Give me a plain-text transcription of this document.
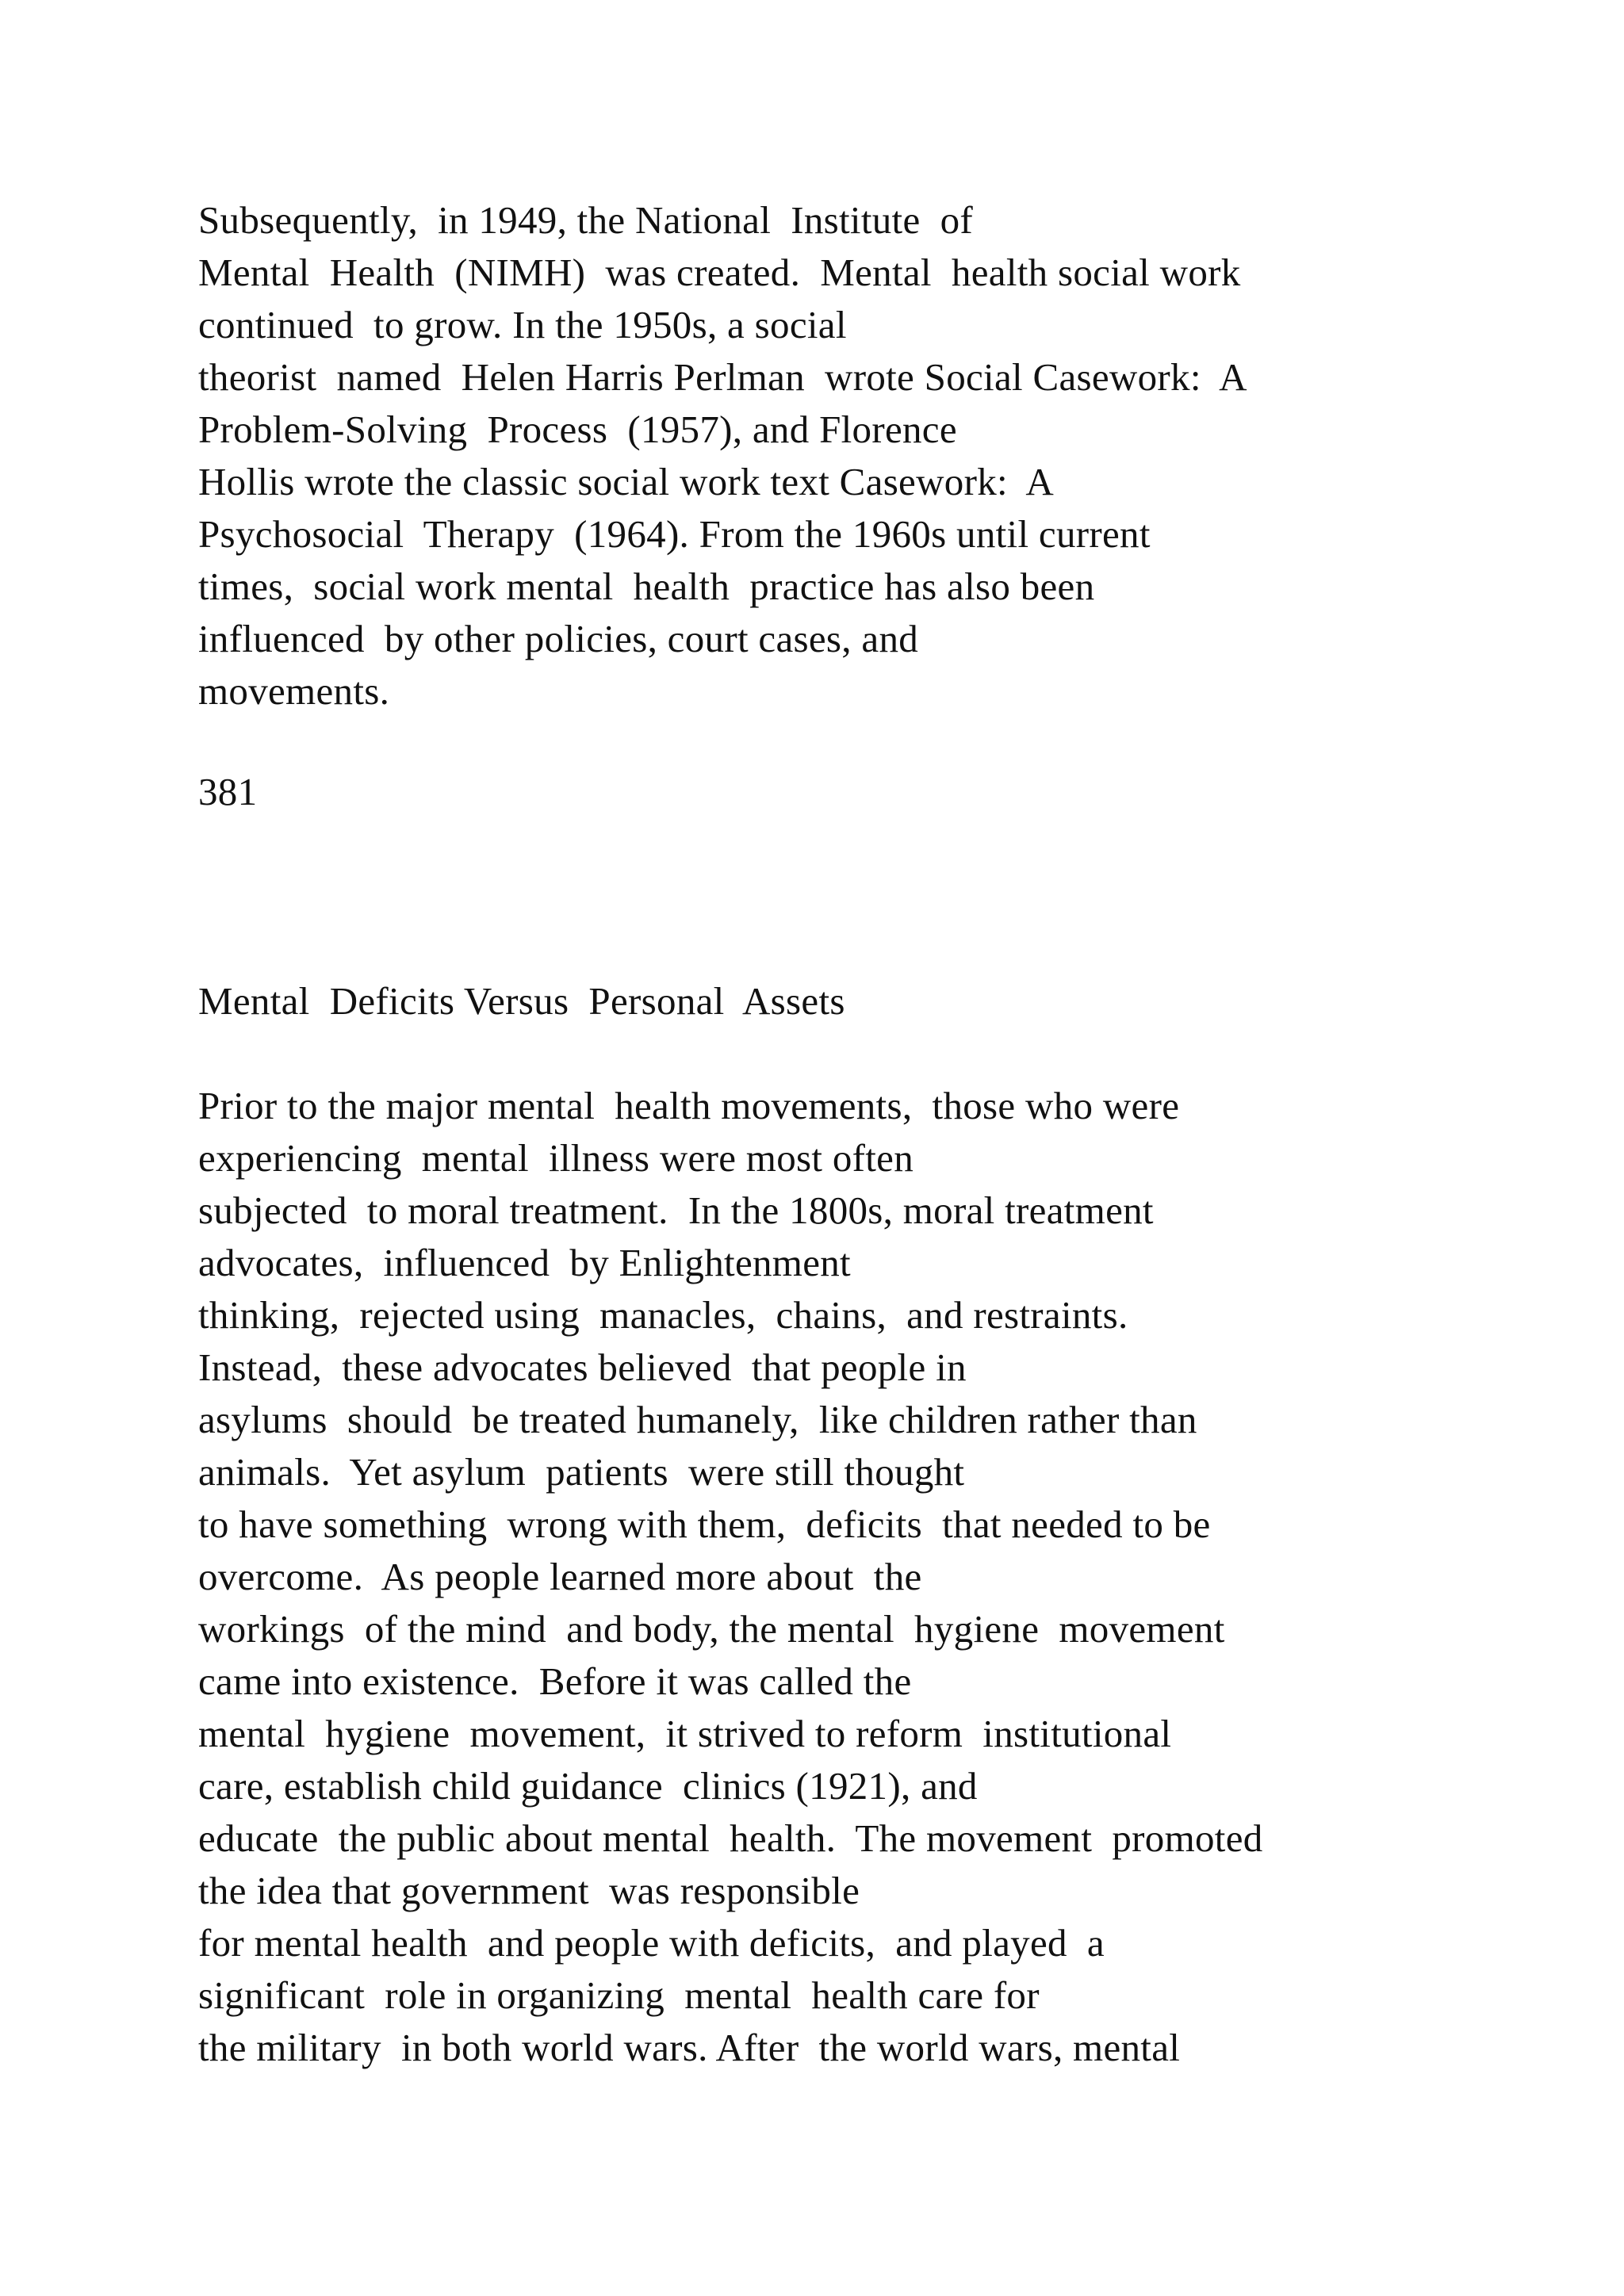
Subsequently,  in 1949, the National  Institute  of
Mental  Health  (NIMH)  was created.  Mental  health social work
continued  to grow. In the 1950s, a social
theorist  named  Helen Harris Perlman  wrote Social Casework:  A
Problem-Solving  Process  (1957), and Florence
Hollis wrote the classic social work text Casework:  A
Psychosocial  Therapy  (1964). From the 1960s until current
times,  social work mental  health  practice has also been
influenced  by other policies, court cases, and
movements.
381
Mental  Deficits Versus  Personal  Assets
Prior to the major mental  health movements,  those who were
experiencing  mental  illness were most often
subjected  to moral treatment.  In the 1800s, moral treatment
advocates,  influenced  by Enlightenment
thinking,  rejected using  manacles,  chains,  and restraints.
Instead,  these advocates believed  that people in
asylums  should  be treated humanely,  like children rather than
animals.  Yet asylum  patients  were still thought
to have something  wrong with them,  deficits  that needed to be
overcome.  As people learned more about  the
workings  of the mind  and body, the mental  hygiene  movement
came into existence.  Before it was called the
mental  hygiene  movement,  it strived to reform  institutional
care, establish child guidance  clinics (1921), and
educate  the public about mental  health.  The movement  promoted
the idea that government  was responsible
for mental health  and people with deficits,  and played  a
significant  role in organizing  mental  health care for
the military  in both world wars. After  the world wars, mental
